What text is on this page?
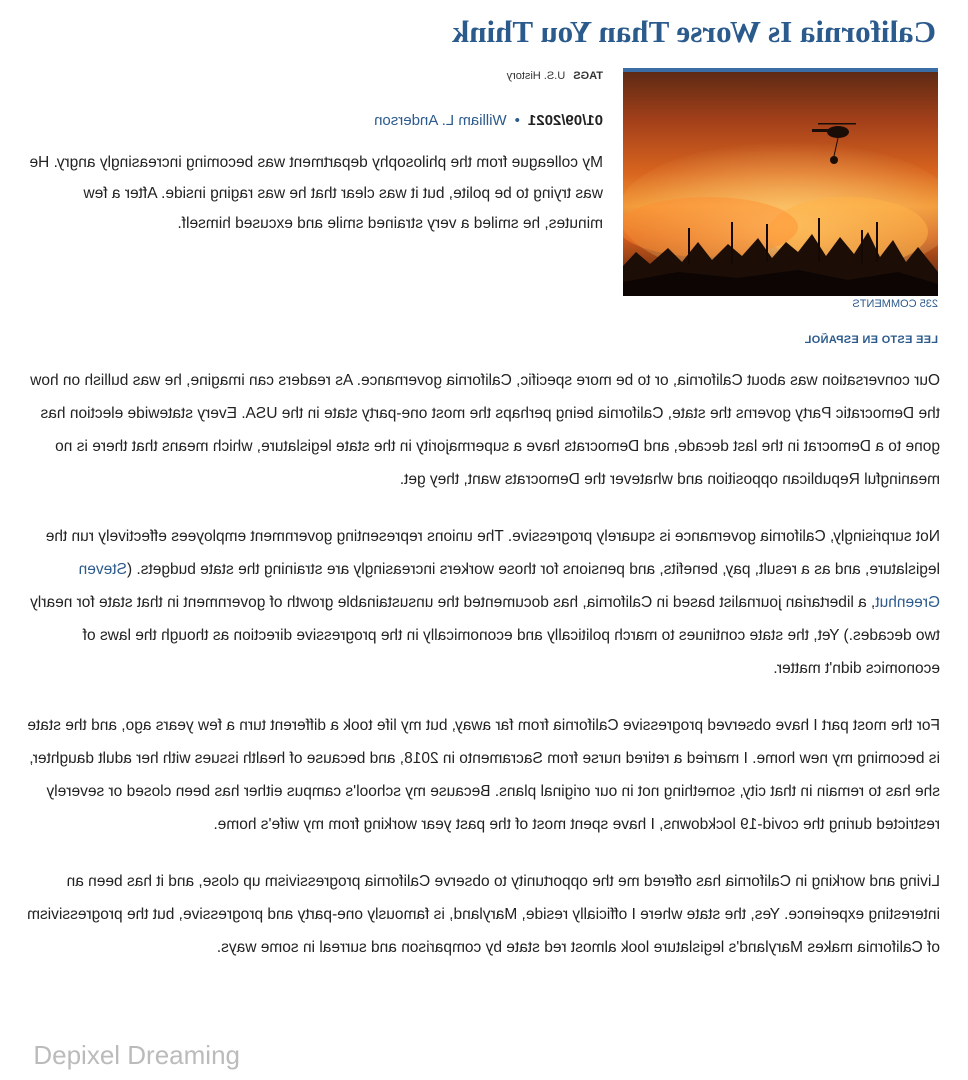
California Is Worse Than You Think
235 COMMENTS
LEE ESTO EN ESPAÑOL
TAGSU.S. History
01/09/2021•William L. Anderson

My colleague from the philosophy department was becoming increasingly angry. He was trying to be polite, but it was clear that he was raging inside. After a few minutes, he smiled a very strained smile and excused himself.

Our conversation was about California, or to be more specific, California governance. As readers can imagine, he was bullish on how the Democratic Party governs the state, California being perhaps the most one-party state in the USA. Every statewide election has gone to a Democrat in the last decade, and Democrats have a supermajority in the state legislature, which means that there is no meaningful Republican opposition and whatever the Democrats want, they get.

Not surprisingly, California governance is squarely progressive. The unions representing government employees effectively run the legislature, and as a result, pay, benefits, and pensions for those workers increasingly are straining the state budgets. (Steven Greenhut, a libertarian journalist based in California, has documented the unsustainable growth of government in that state for nearly two decades.) Yet, the state continues to march politically and economically in the progressive direction as though the laws of economics didn't matter.

For the most part I have observed progressive California from far away, but my life took a different turn a few years ago, and the state is becoming my new home. I married a retired nurse from Sacramento in 2018, and because of health issues with her adult daughter, she has to remain in that city, something not in our original plans. Because my school's campus either has been closed or severely restricted during the covid-19 lockdowns, I have spent most of the past year working from my wife's home.

Living and working in California has offered me the opportunity to observe California progressivism up close, and it has been an interesting experience. Yes, the state where I officially reside, Maryland, is famously one-party and progressive, but the progressivism of California makes Maryland's legislature look almost red state by comparison and surreal in some ways.

Depixel Dreaming
